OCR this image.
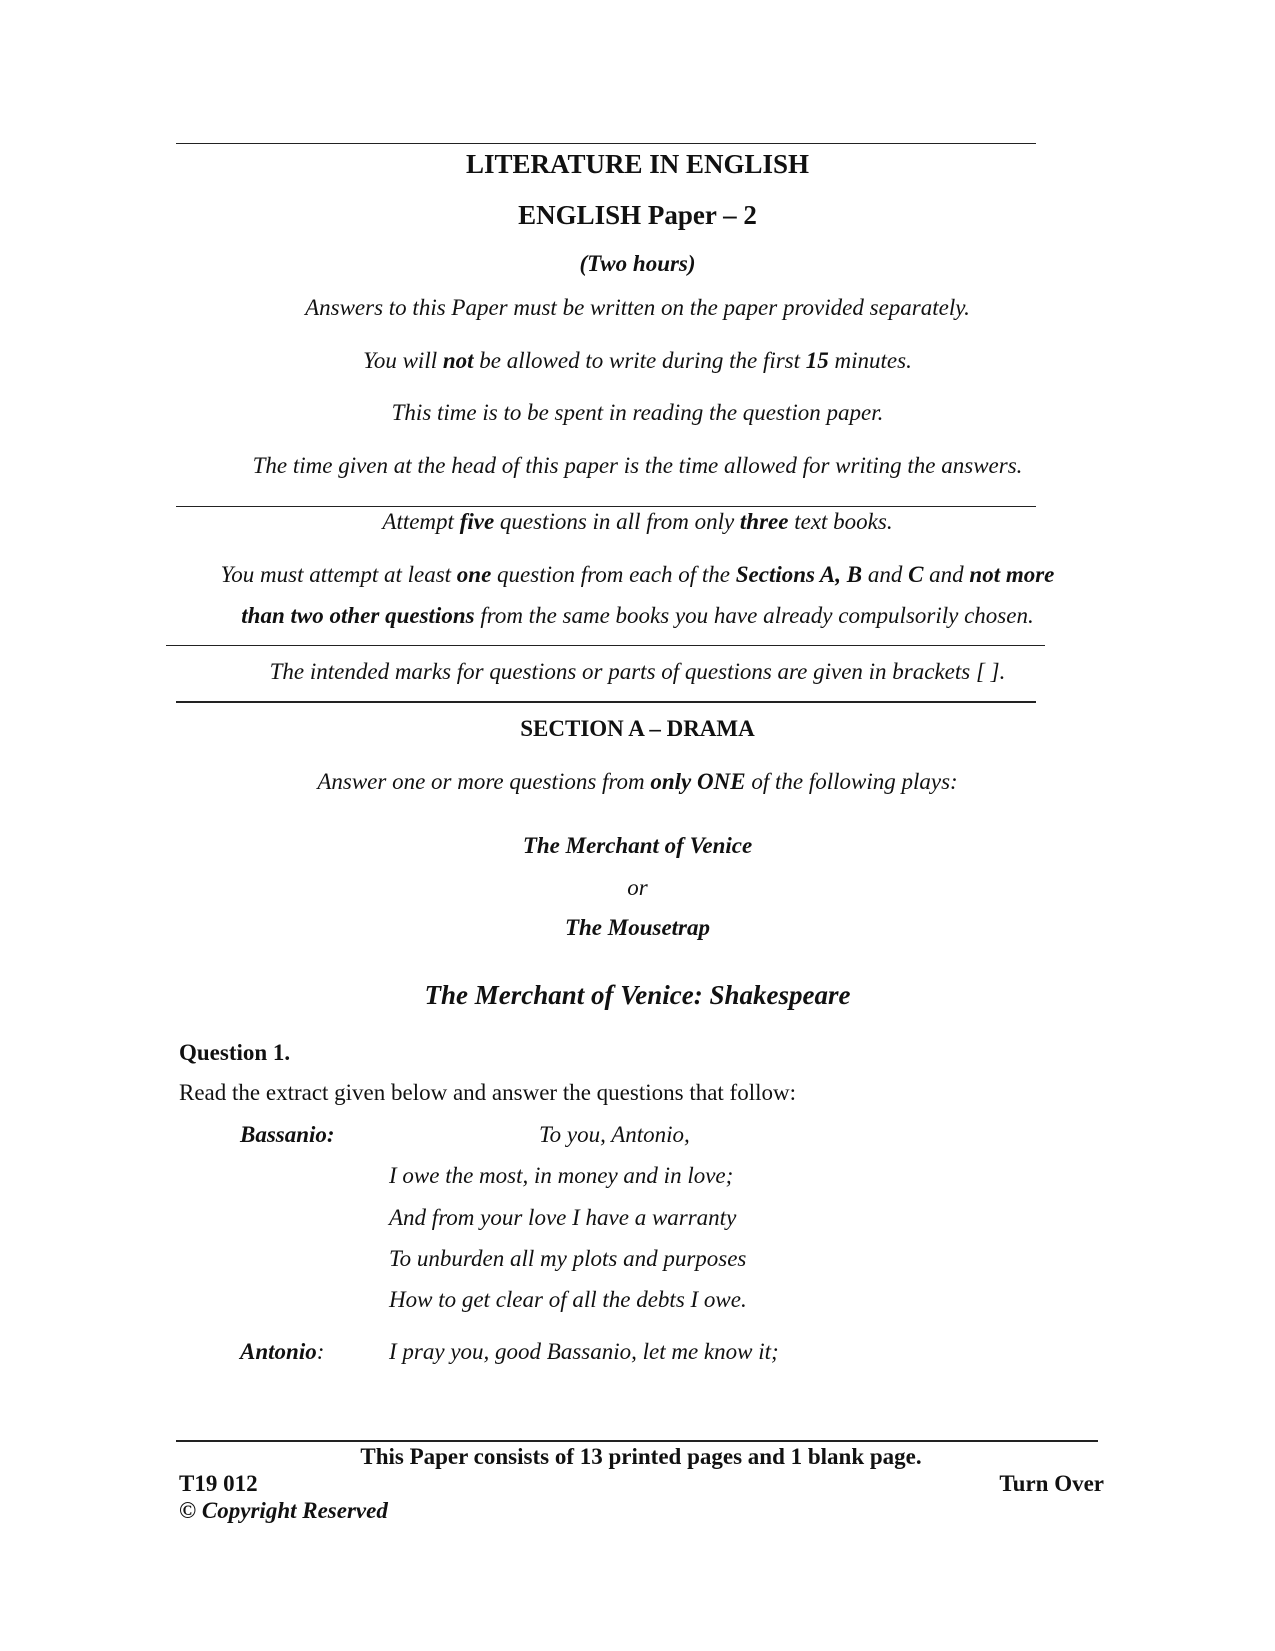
LITERATURE IN ENGLISH
ENGLISH Paper – 2
(Two hours)
Answers to this Paper must be written on the paper provided separately.
You will not be allowed to write during the first 15 minutes.
This time is to be spent in reading the question paper.
The time given at the head of this paper is the time allowed for writing the answers.
Attempt five questions in all from only three text books.
You must attempt at least one question from each of the Sections A, B and C and not more
than two other questions from the same books you have already compulsorily chosen.
The intended marks for questions or parts of questions are given in brackets [ ].
SECTION A – DRAMA
Answer one or more questions from only ONE of the following plays:
The Merchant of Venice
or
The Mousetrap
The Merchant of Venice: Shakespeare
Question 1.
Read the extract given below and answer the questions that follow:
Bassanio:	To you, Antonio,
I owe the most, in money and in love;
And from your love I have a warranty
To unburden all my plots and purposes
How to get clear of all the debts I owe.
Antonio:	I pray you, good Bassanio, let me know it;
This Paper consists of 13 printed pages and 1 blank page.
T19 012	Turn Over
© Copyright Reserved
